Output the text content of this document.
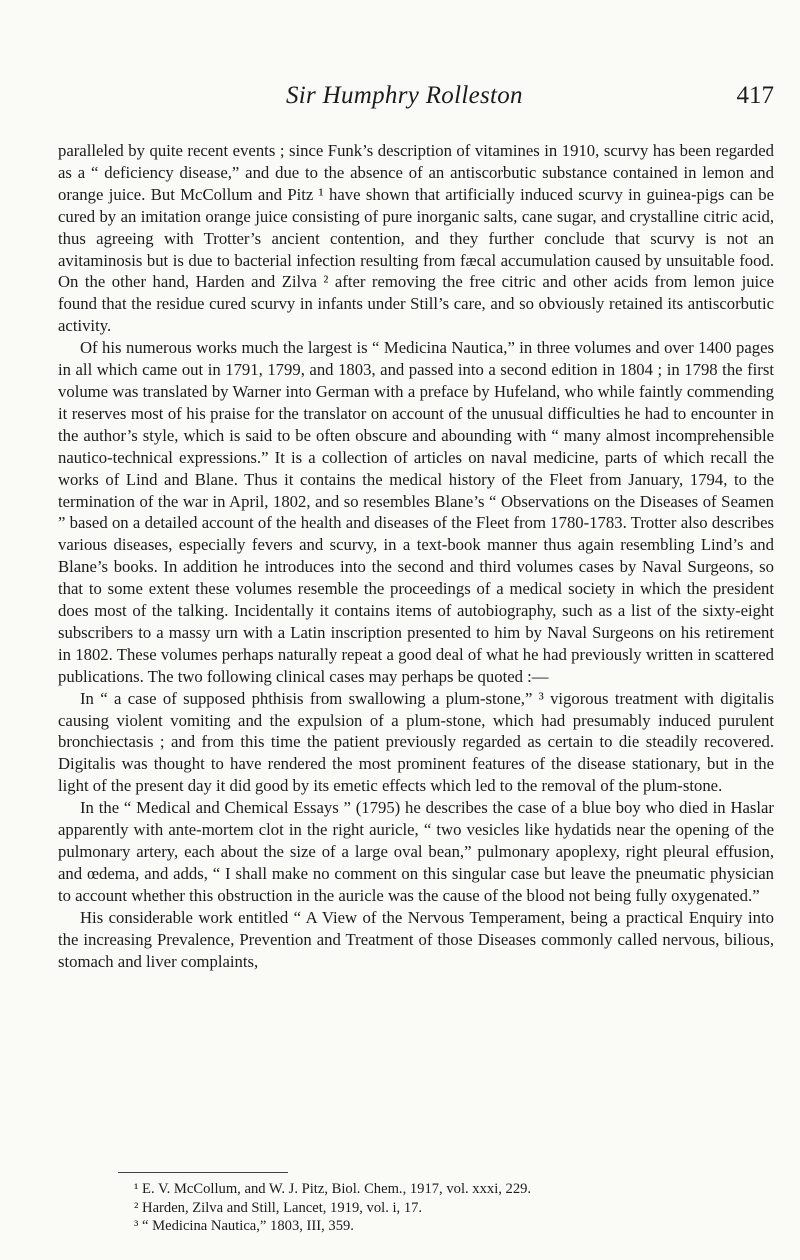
Sir Humphry Rolleston	417

paralleled by quite recent events ; since Funk’s description of vitamines in 1910, scurvy has been regarded as a “ deficiency disease,” and due to the absence of an antiscorbutic substance contained in lemon and orange juice. But McCollum and Pitz ¹ have shown that artificially induced scurvy in guinea-pigs can be cured by an imitation orange juice consisting of pure inorganic salts, cane sugar, and crystalline citric acid, thus agreeing with Trotter’s ancient contention, and they further conclude that scurvy is not an avitaminosis but is due to bacterial infection resulting from fæcal accumulation caused by unsuitable food. On the other hand, Harden and Zilva ² after removing the free citric and other acids from lemon juice found that the residue cured scurvy in infants under Still’s care, and so obviously retained its antiscorbutic activity.

Of his numerous works much the largest is “ Medicina Nautica,” in three volumes and over 1400 pages in all which came out in 1791, 1799, and 1803, and passed into a second edition in 1804 ; in 1798 the first volume was translated by Warner into German with a preface by Hufeland, who while faintly commending it reserves most of his praise for the translator on account of the unusual difficulties he had to encounter in the author’s style, which is said to be often obscure and abounding with “ many almost incomprehensible nautico-technical expressions.” It is a collection of articles on naval medicine, parts of which recall the works of Lind and Blane. Thus it contains the medical history of the Fleet from January, 1794, to the termination of the war in April, 1802, and so resembles Blane’s “ Observations on the Diseases of Seamen ” based on a detailed account of the health and diseases of the Fleet from 1780-1783. Trotter also describes various diseases, especially fevers and scurvy, in a text-book manner thus again resembling Lind’s and Blane’s books. In addition he introduces into the second and third volumes cases by Naval Surgeons, so that to some extent these volumes resemble the proceedings of a medical society in which the president does most of the talking. Incidentally it contains items of autobiography, such as a list of the sixty-eight subscribers to a massy urn with a Latin inscription presented to him by Naval Surgeons on his retirement in 1802. These volumes perhaps naturally repeat a good deal of what he had previously written in scattered publications. The two following clinical cases may perhaps be quoted :—

In “ a case of supposed phthisis from swallowing a plum-stone,” ³ vigorous treatment with digitalis causing violent vomiting and the expulsion of a plum-stone, which had presumably induced purulent bronchiectasis ; and from this time the patient previously regarded as certain to die steadily recovered. Digitalis was thought to have rendered the most prominent features of the disease stationary, but in the light of the present day it did good by its emetic effects which led to the removal of the plum-stone.

In the “ Medical and Chemical Essays ” (1795) he describes the case of a blue boy who died in Haslar apparently with ante-mortem clot in the right auricle, “ two vesicles like hydatids near the opening of the pulmonary artery, each about the size of a large oval bean,” pulmonary apoplexy, right pleural effusion, and œdema, and adds, “ I shall make no comment on this singular case but leave the pneumatic physician to account whether this obstruction in the auricle was the cause of the blood not being fully oxygenated.”

His considerable work entitled “ A View of the Nervous Temperament, being a practical Enquiry into the increasing Prevalence, Prevention and Treatment of those Diseases commonly called nervous, bilious, stomach and liver complaints,

¹ E. V. McCollum, and W. J. Pitz, Biol. Chem., 1917, vol. xxxi, 229.

² Harden, Zilva and Still, Lancet, 1919, vol. i, 17.

³ “ Medicina Nautica,” 1803, III, 359.
